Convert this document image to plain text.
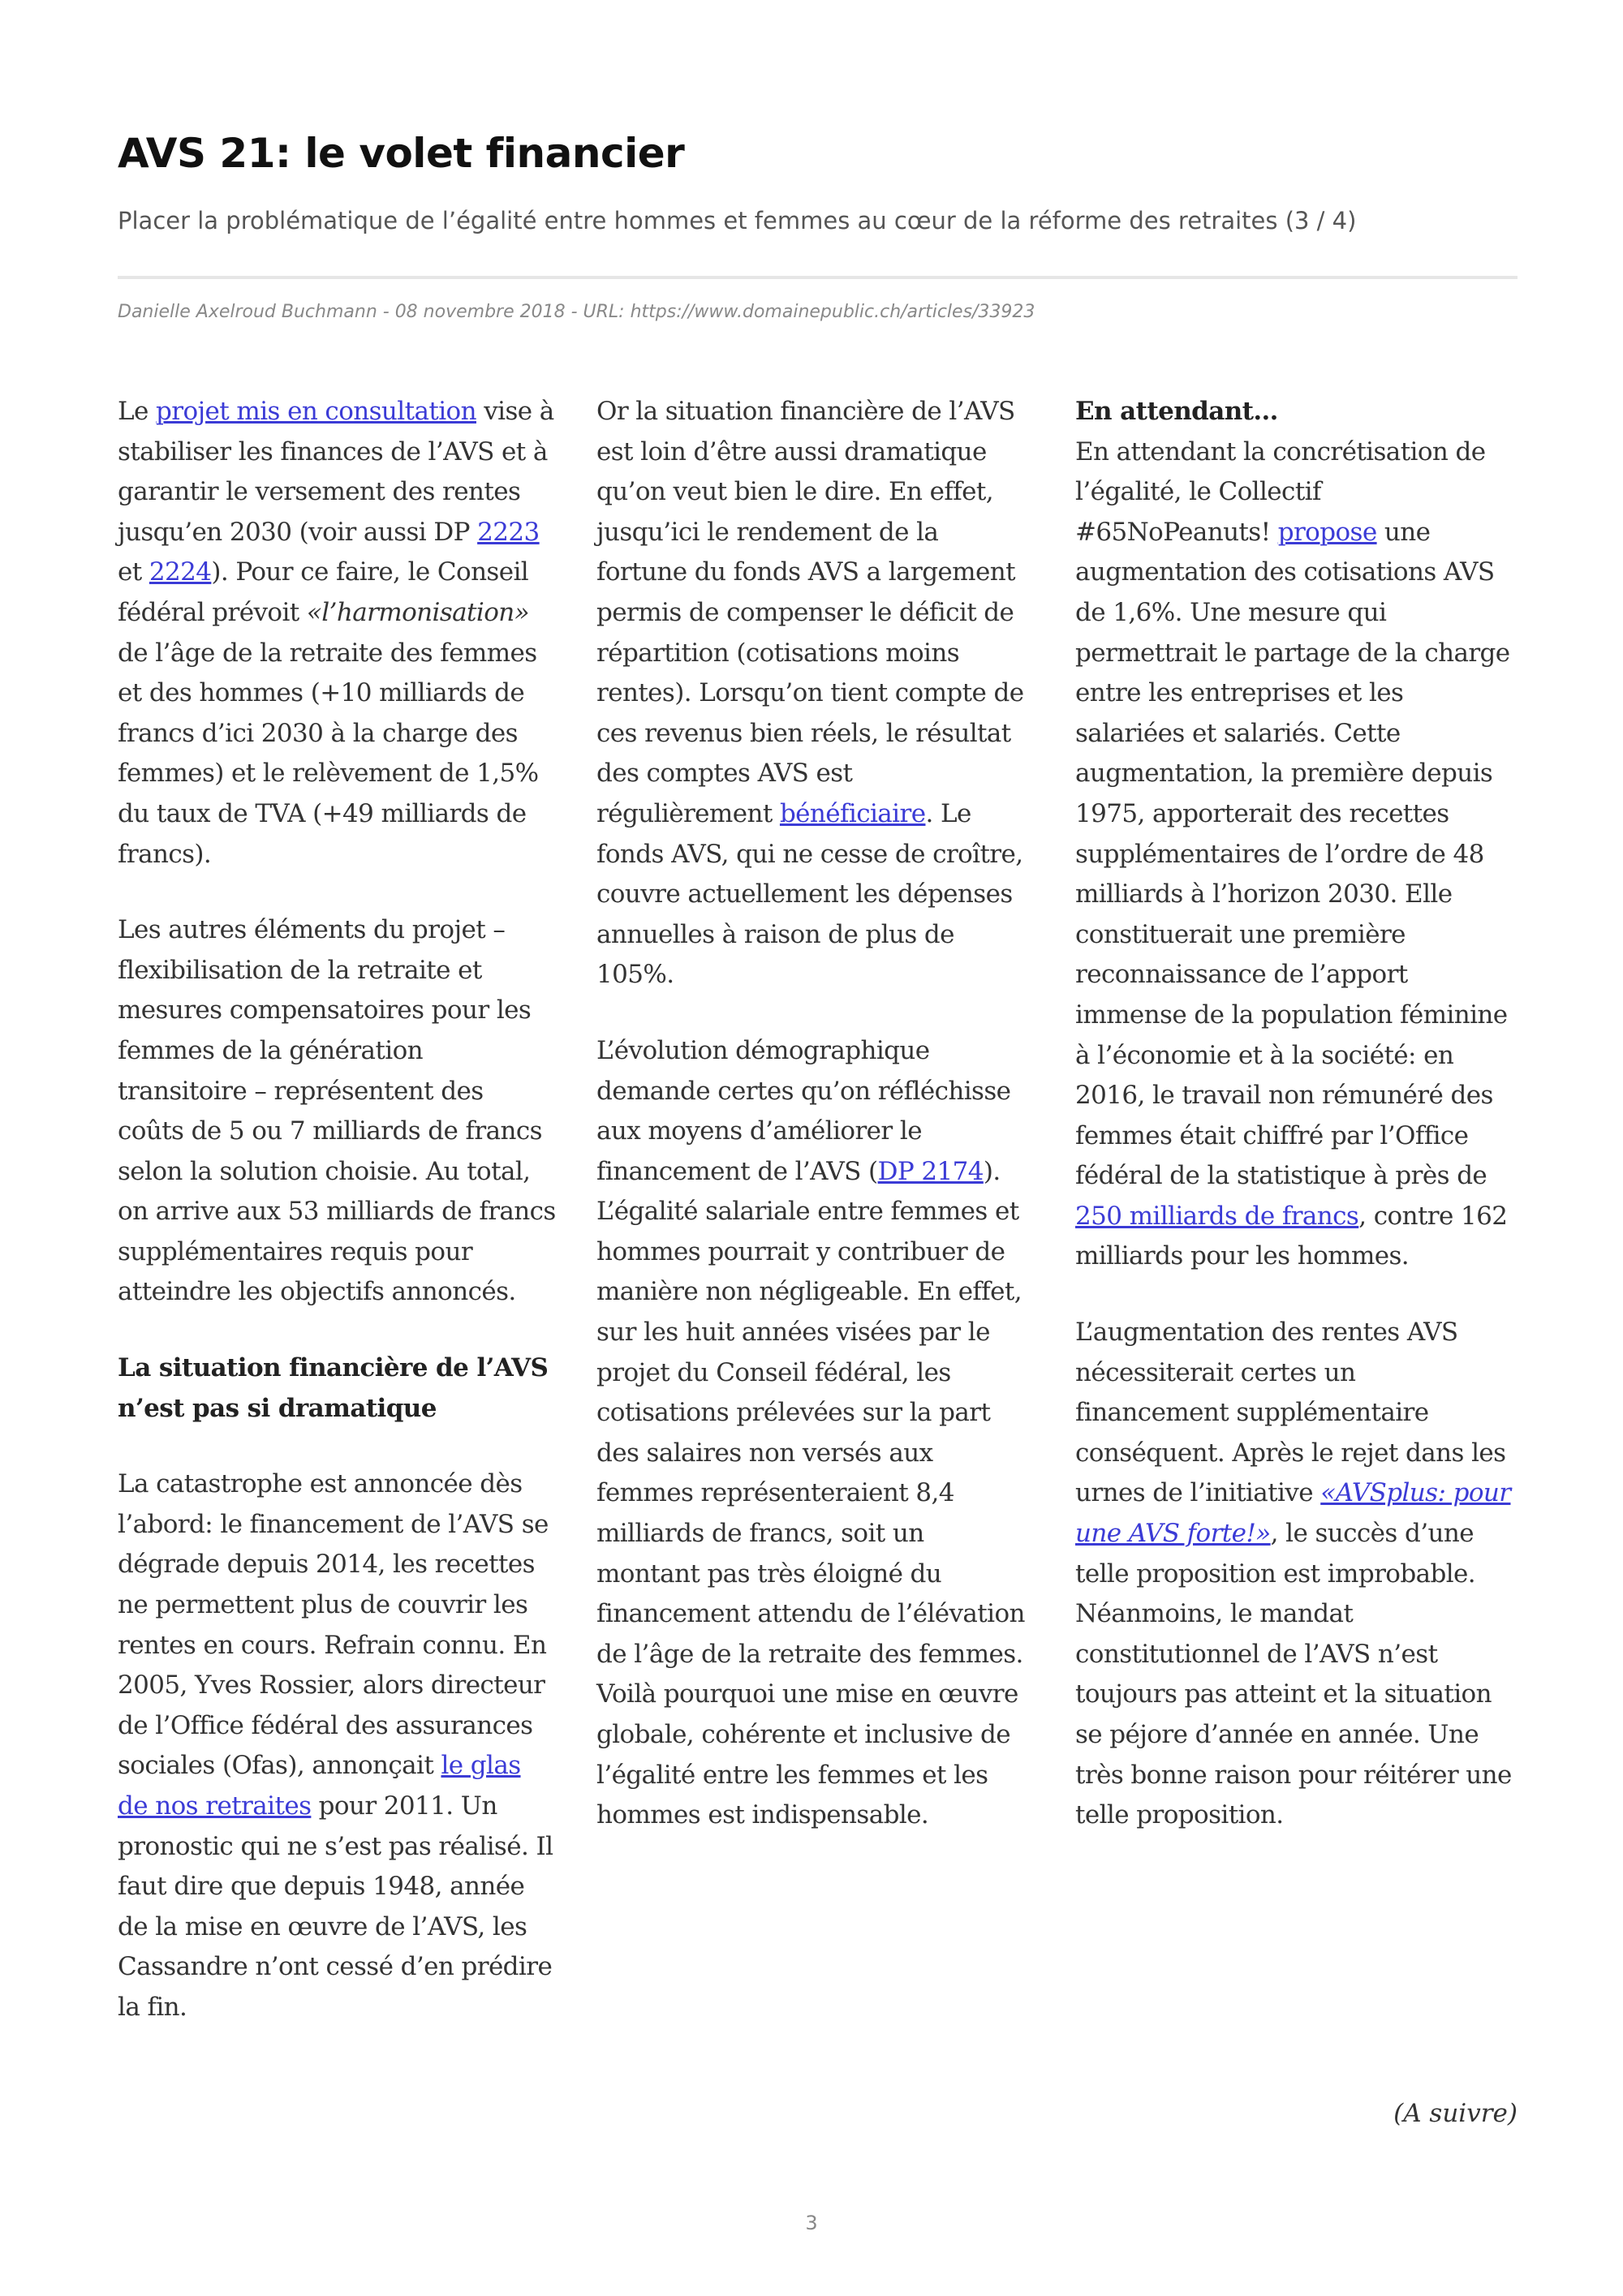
AVS 21: le volet financier

Placer la problématique de l’égalité entre hommes et femmes au cœur de la réforme des retraites (3 / 4)

Danielle Axelroud Buchmann - 08 novembre 2018 - URL: https://www.domainepublic.ch/articles/33923

Le projet mis en consultation vise à stabiliser les finances de l’AVS et à garantir le versement des rentes jusqu’en 2030 (voir aussi DP 2223 et 2224). Pour ce faire, le Conseil fédéral prévoit «l’harmonisation» de l’âge de la retraite des femmes et des hommes (+10 milliards de francs d’ici 2030 à la charge des femmes) et le relèvement de 1,5% du taux de TVA (+49 milliards de francs).

Les autres éléments du projet – flexibilisation de la retraite et mesures compensatoires pour les femmes de la génération transitoire – représentent des coûts de 5 ou 7 milliards de francs selon la solution choisie. Au total, on arrive aux 53 milliards de francs supplémentaires requis pour atteindre les objectifs annoncés.

La situation financière de l’AVS n’est pas si dramatique

La catastrophe est annoncée dès l’abord: le financement de l’AVS se dégrade depuis 2014, les recettes ne permettent plus de couvrir les rentes en cours. Refrain connu. En 2005, Yves Rossier, alors directeur de l’Office fédéral des assurances sociales (Ofas), annonçait le glas de nos retraites pour 2011. Un pronostic qui ne s’est pas réalisé. Il faut dire que depuis 1948, année de la mise en œuvre de l’AVS, les Cassandre n’ont cessé d’en prédire la fin.

Or la situation financière de l’AVS est loin d’être aussi dramatique qu’on veut bien le dire. En effet, jusqu’ici le rendement de la fortune du fonds AVS a largement permis de compenser le déficit de répartition (cotisations moins rentes). Lorsqu’on tient compte de ces revenus bien réels, le résultat des comptes AVS est régulièrement bénéficiaire. Le fonds AVS, qui ne cesse de croître, couvre actuellement les dépenses annuelles à raison de plus de 105%.

L’évolution démographique demande certes qu’on réfléchisse aux moyens d’améliorer le financement de l’AVS (DP 2174). L’égalité salariale entre femmes et hommes pourrait y contribuer de manière non négligeable. En effet, sur les huit années visées par le projet du Conseil fédéral, les cotisations prélevées sur la part des salaires non versés aux femmes représenteraient 8,4 milliards de francs, soit un montant pas très éloigné du financement attendu de l’élévation de l’âge de la retraite des femmes. Voilà pourquoi une mise en œuvre globale, cohérente et inclusive de l’égalité entre les femmes et les hommes est indispensable.

En attendant…

En attendant la concrétisation de l’égalité, le Collectif #65NoPeanuts! propose une augmentation des cotisations AVS de 1,6%. Une mesure qui permettrait le partage de la charge entre les entreprises et les salariées et salariés. Cette augmentation, la première depuis 1975, apporterait des recettes supplémentaires de l’ordre de 48 milliards à l’horizon 2030. Elle constituerait une première reconnaissance de l’apport immense de la population féminine à l’économie et à la société: en 2016, le travail non rémunéré des femmes était chiffré par l’Office fédéral de la statistique à près de 250 milliards de francs, contre 162 milliards pour les hommes.

L’augmentation des rentes AVS nécessiterait certes un financement supplémentaire conséquent. Après le rejet dans les urnes de l’initiative «AVSplus: pour une AVS forte!», le succès d’une telle proposition est improbable. Néanmoins, le mandat constitutionnel de l’AVS n’est toujours pas atteint et la situation se péjore d’année en année. Une très bonne raison pour réitérer une telle proposition.

(A suivre)
3
